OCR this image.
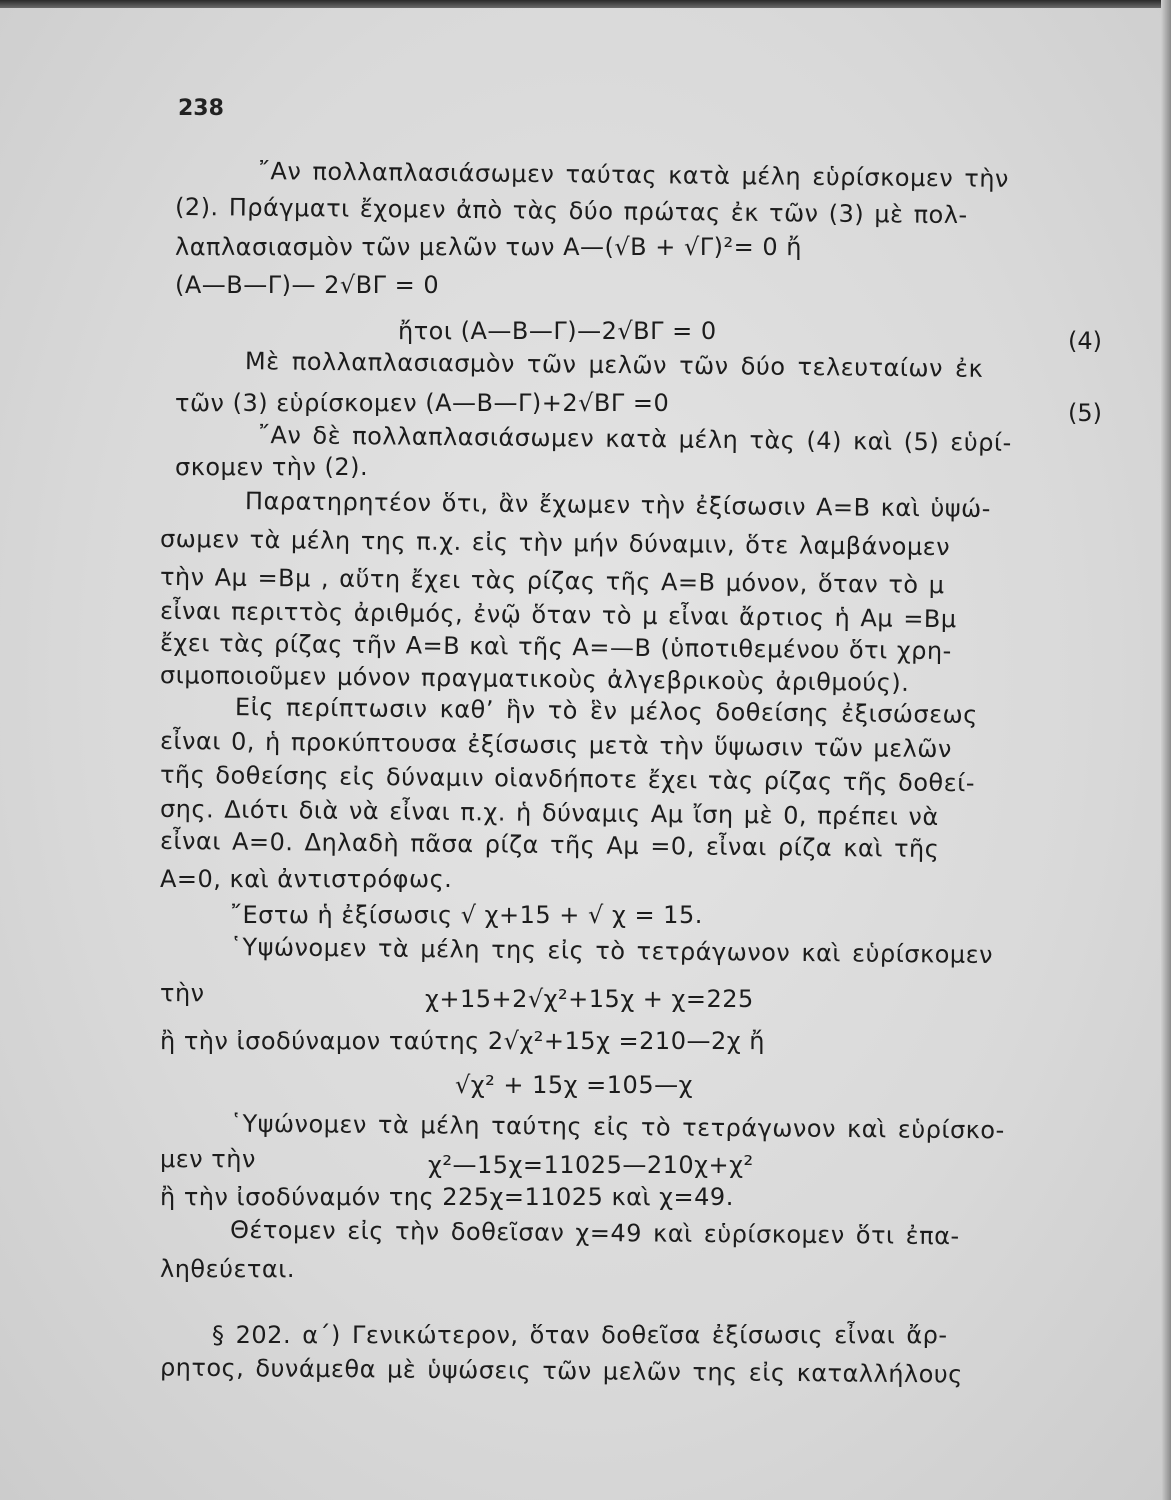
238
῎Αν πολλαπλασιάσωμεν ταύτας κατὰ μέλη εὑρίσκομεν τὴν
(2). Πράγματι ἔχομεν ἀπὸ τὰς δύο πρώτας ἐκ τῶν (3) μὲ πολ-
λαπλασιασμὸν τῶν μελῶν των Α—(√Β + √Γ)²= 0 ἤ
(Α—Β—Γ)— 2√ΒΓ = 0
ἤτοι (Α—Β—Γ)—2√ΒΓ = 0	(4)
Μὲ πολλαπλασιασμὸν τῶν μελῶν τῶν δύο τελευταίων ἐκ
τῶν (3) εὑρίσκομεν (Α—Β—Γ)+2√ΒΓ =0	(5)
῎Αν δὲ πολλαπλασιάσωμεν κατὰ μέλη τὰς (4) καὶ (5) εὑρί-
σκομεν τὴν (2).
Παρατηρητέον ὅτι, ἂν ἔχωμεν τὴν ἐξίσωσιν Α=Β καὶ ὑψώ-
σωμεν τὰ μέλη της π.χ. εἰς τὴν μήν δύναμιν, ὅτε λαμβάνομεν
τὴν Αμ =Βμ , αὕτη ἔχει τὰς ρίζας τῆς Α=Β μόνον, ὅταν τὸ μ
εἶναι περιττὸς ἀριθμός, ἐνῷ ὅταν τὸ μ εἶναι ἄρτιος ἡ Αμ =Βμ
ἔχει τὰς ρίζας τῆν Α=Β καὶ τῆς Α=—Β (ὑποτιθεμένου ὅτι χρη-
σιμοποιοῦμεν μόνον πραγματικοὺς ἀλγεβρικοὺς ἀριθμούς).
Εἰς περίπτωσιν καθ’ ἣν τὸ ἓν μέλος δοθείσης ἐξισώσεως
εἶναι 0, ἡ προκύπτουσα ἐξίσωσις μετὰ τὴν ὕψωσιν τῶν μελῶν
τῆς δοθείσης εἰς δύναμιν οἱανδήποτε ἔχει τὰς ρίζας τῆς δοθεί-
σης. Διότι διὰ νὰ εἶναι π.χ. ἡ δύναμις Αμ ἴση μὲ 0, πρέπει νὰ
εἶναι Α=0. Δηλαδὴ πᾶσα ρίζα τῆς Αμ =0, εἶναι ρίζα καὶ τῆς
Α=0, καὶ ἀντιστρόφως.
῎Εστω ἡ ἐξίσωσις √ χ+15 + √ χ = 15.
῾Υψώνομεν τὰ μέλη της εἰς τὸ τετράγωνον καὶ εὑρίσκομεν
τὴν	χ+15+2√χ²+15χ + χ=225
ἢ τὴν ἰσοδύναμον ταύτης 2√χ²+15χ =210—2χ ἤ
√χ² + 15χ =105—χ
῾Υψώνομεν τὰ μέλη ταύτης εἰς τὸ τετράγωνον καὶ εὑρίσκο-
μεν τὴν	χ²—15χ=11025—210χ+χ²
ἢ τὴν ἰσοδύναμόν της 225χ=11025 καὶ χ=49.
Θέτομεν εἰς τὴν δοθεῖσαν χ=49 καὶ εὑρίσκομεν ὅτι ἐπα-
ληθεύεται.
§ 202. α΄) Γενικώτερον, ὅταν δοθεῖσα ἐξίσωσις εἶναι ἄρ-
ρητος, δυνάμεθα μὲ ὑψώσεις τῶν μελῶν της εἰς καταλλήλους
